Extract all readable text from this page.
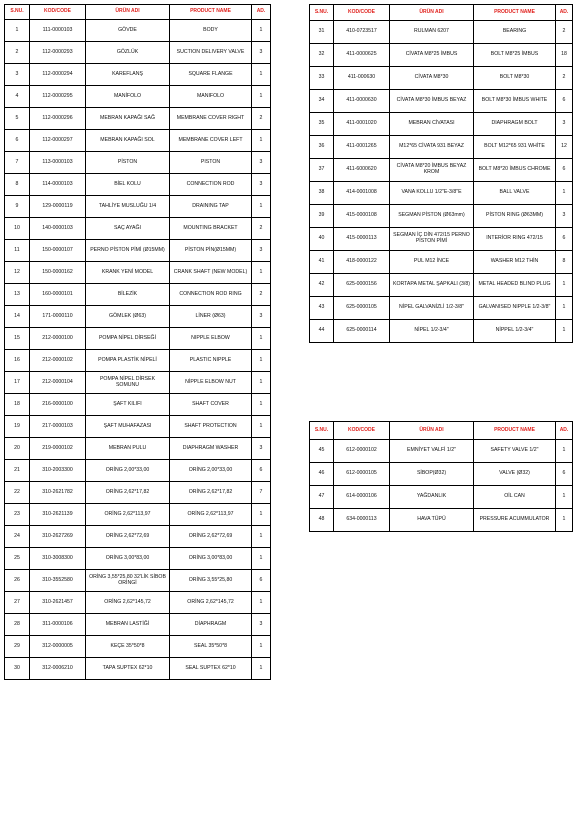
S.NU.	KOD/CODE	ÜRÜN ADI	PRODUCT NAME	AD.
1	111-0000103	GÖVDE	BODY	1
2	112-0000293	GÖZLÜK	SUCTION DELIVERY VALVE	3
3	112-0000294	KAREFLANŞ	SQUARE FLANGE	1
4	112-0000295	MANİFOLO	MANIFOLO	1
5	112-0000296	MEBRAN KAPAĞI SAĞ	MEMBRANE COVER RIGHT	2
6	112-0000297	MEBRAN KAPAĞI SOL	MEMBRANE COVER LEFT	1
7	113-0000103	PİSTON	PISTON	3
8	114-0000103	BİEL KOLU	CONNECTION ROD	3
9	129-0000119	TAHLİYE MUSLUĞU 1/4	DRAINING TAP	1
10	140-0000103	SAÇ AYAĞI	MOUNTING BRACKET	2
11	150-0000107	PERNO PİSTON PİMİ (Ø15MM)	PİSTON PİN(Ø15MM)	3
12	150-0000162	KRANK YENİ MODEL	CRANK SHAFT (NEW MODEL)	1
13	160-0000101	BİLEZİK	CONNECTION ROD RING	2
14	171-0000110	GÖMLEK (Ø63)	LİNER (Ø63)	3
15	212-0000100	POMPA NİPEL DİRSEĞİ	NIPPLE ELBOW	1
16	212-0000102	POMPA PLASTİK NİPELİ	PLASTIC NIPPLE	1
17	212-0000104	POMPA NİPEL DİRSEK SOMUNU	NİPPLE ELBOW NUT	1
18	216-0000100	ŞAFT KILIFI	SHAFT COVER	1
19	217-0000103	ŞAFT MUHAFAZASI	SHAFT PROTECTION	1
20	219-0000102	MEBRAN PULU	DIAPHRAGM WASHER	3
21	310-2003300	ORİNG 2,00*33,00	ORİNG 2,00*33,00	6
22	310-2621782	ORİNG 2,62*17,82	ORİNG 2,62*17,82	7
23	310-2621139	ORİNG 2,62*113,97	ORİNG 2,62*113,97	1
24	310-2627269	ORİNG 2,62*72,69	ORİNG 2,62*72,69	1
25	310-3008300	ORİNG 3,00*83,00	ORİNG 3,00*83,00	1
26	310-3552580	ORİNG 3,55*25,80 32'LİK SİBOB ORİNGİ	ORİNG 3,55*25,80	6
27	310-2621457	ORİNG 2,62*145,72	ORİNG 2,62*145,72	1
28	311-0000106	MEBRAN LASTİĞİ	DİAPHRAGM	3
29	312-0000005	KEÇE 35*50*8	SEAL 35*50*8	1
30	312-0006210	TAPA SUPTEX 62*10	SEAL SUPTEX 62*10	1
S.NU.	KOD/CODE	ÜRÜN ADI	PRODUCT NAME	AD.
31	410-0723517	RULMAN 6207	BEARING	2
32	411-0000625	CİVATA M8*25 İMBUS	BOLT M8*25 İMBUS	18
33	411-000630	CİVATA M8*30	BOLT M8*30	2
34	411-0000630	CİVATA M8*30 İMBUS BEYAZ	BOLT M8*30 İMBUS WHITE	6
35	411-0001020	MEBRAN CİVATASI	DIAPHRAGM BOLT	3
36	411-0001265	M12*65 CİVATA 931 BEYAZ	BOLT M12*65 931 WHİTE	12
37	411-6000620	CİVATA M8*20 İMBUS BEYAZ KROM	BOLT M8*20 İMBUS CHROME	6
38	414-0001008	VANA KOLLU 1/2"E-3/8"E	BALL VALVE	1
39	415-0000108	SEGMAN PİSTON (Ø63mm)	PİSTON RING (Ø63MM)	3
40	415-0000113	SEGMAN İÇ DİN 472/15 PERNO PİSTON PİMİ	INTERİOR RING 472/15	6
41	418-0000122	PUL M12 İNCE	WASHER M12 THİN	8
42	625-0000156	KORTAPA METAL ŞAPKALI (3/8)	METAL HEADED BLIND PLUG	1
43	625-0000105	NİPEL GALVANİZLİ 1/2-3/8"	GALVANISED NIPPLE 1/2-3/8"	1
44	625-0000114	NİPEL 1/2-3/4"	NİPPEL 1/2-3/4"	1
S.NU.	KOD/CODE	ÜRÜN ADI	PRODUCT NAME	AD.
45	612-0000102	EMNİYET VALFİ 1/2"	SAFETY VALVE 1/2"	1
46	612-0000105	SİBOP(Ø32)	VALVE (Ø32)	6
47	614-0000106	YAĞDANLIK	OİL CAN	1
48	634-0000113	HAVA TÜPÜ	PRESSURE ACUMMULATOR	1
